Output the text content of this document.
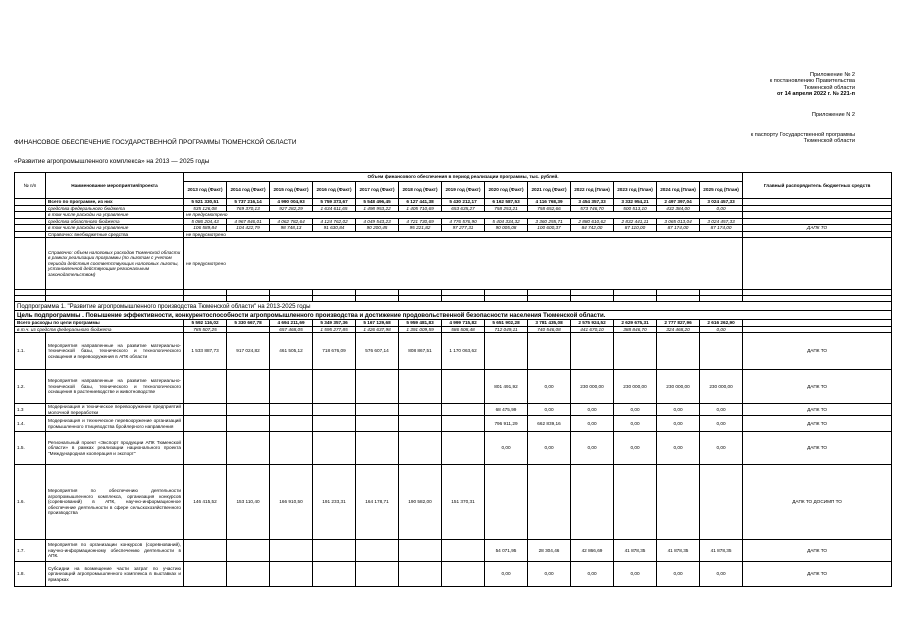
Приложение № 2
к постановлению Правительства
Тюменской области
от 14 апреля 2022 г. № 221-п
Приложение N 2
к паспорту Государственной программы
Тюменской области
ФИНАНСОВОЕ ОБЕСПЕЧЕНИЕ ГОСУДАРСТВЕННОЙ ПРОГРАММЫ ТЮМЕНСКОЙ ОБЛАСТИ
«Развитие агропромышленного комплекса» на 2013 — 2025 годы
№ п/п	Наименование мероприятия/проекта	Объем финансового обеспечения в период реализации программы, тыс. рублей.													Главный распорядитель бюджетных средств
		2013 год (Факт)	2014 год (Факт)	2015 год (Факт)	2016 год (Факт)	2017 год (Факт)	2018 год (Факт)	2019 год (Факт)	2020 год (Факт)	2021 год (Факт)	2022 год (План)	2023 год (План)	2024 год (План)	2025 год (План)	
	Всего по программе, из них	5 521 330,51	5 737 216,14	4 990 004,93	5 759 373,67	5 548 496,45	6 127 441,38	5 430 212,17	6 162 587,53	4 116 768,39	3 454 357,33	3 332 954,21	2 497 397,04	3 024 457,33	
	средства федерального бюджета	535 126,08	769 370,13	927 282,29	1 634 611,65	1 498 953,22	1 405 710,69	653 635,27	758 253,21	758 652,66	573 746,70	500 513,10	432 384,00	0,00	
	в том числе расходы на управление	не предусмотрено													
	средства областного бюджета	5 086 204,43	4 967 846,01	4 062 782,64	4 124 762,02	4 049 543,23	4 721 730,69	4 776 576,90	5 404 334,32	3 360 255,71	2 880 610,62	2 832 441,11	3 065 013,04	3 024 457,33	
	в том числе расходы на управление	106 589,84	104 422,79	98 748,13	91 630,84	90 200,45	95 221,82	97 277,31	90 005,08	100 600,37	84 742,00	87 110,00	87 174,00	87 174,00	ДАПК ТО
	Справочно: внебюджетные средства	не предусмотрено													
	Справочно: объем налоговых расходов Тюменской области в рамках реализации программы (по льготам с учетом периода действия соответствующих налоговых льготы, установленной действующим региональным законодательством)	не предусмотрено													

Подпрограмма 1. "Развитие агропромышленного производства Тюменской области" на 2013-2025 годы															
Цель подпрограммы . Повышение эффективности, конкурентоспособности агропромышленного производства и достижение продовольственной безопасности населения Тюменской области.															
Всего расходы по цели программы		5 592 116,02	5 330 667,78	4 694 211,69	5 349 357,36	5 167 129,68	5 959 481,83	4 999 715,82	5 651 902,28	3 781 435,08	2 575 924,52	2 629 675,31	2 777 827,96	2 616 262,90	
в т.ч. из средств федерального бюджета		785 507,25		657 468,05	1 595 277,85	1 426 637,98	1 391 009,59	586 508,48	712 049,11	740 546,08	441 670,10	388 846,70	324 468,20	0,00	
1.1.	Мероприятия направленные на развитие материально-технической базы, технического и технологического оснащения и перевооружения в АПК области	1 533 887,73	917 024,82	461 505,12	718 676,09	576 607,14	808 867,51	1 170 063,62							ДАПК ТО
1.2.	Мероприятия направленные на развитие материально-технической базы, технического и технологического оснащения в растениеводстве и животноводстве								801 491,92	0,00	230 000,00	230 000,00	230 000,00	230 000,00	ДАПК ТО
1.3	Модернизация и техническое перевооружение предприятий молочной переработки								68 475,99	0,00	0,00	0,00	0,00	0,00	ДАПК ТО
1.4.	Модернизация и техническое перевооружение организаций промышленного птицеводства бройлерного направления								796 911,29	662 839,16	0,00	0,00	0,00	0,00	ДАПК ТО
1.5.	Региональный проект «Экспорт продукции АПК Тюменской области» в рамках реализации национального проекта "Международная кооперация и экспорт"								0,00	0,00	0,00	0,00	0,00	0,00	ДАПК ТО
1.6.	Мероприятия по обеспечению деятельности агропромышленного комплекса, организация конкурсов (соревнований) в АПК, научно-информационное обеспечение деятельности в сфере сельскохозяйственного производства	146 415,52	153 110,40	166 910,50	191 233,31	164 178,71	190 582,00	151 370,31							ДАПК ТО ДОСИМП ТО
1.7.	Мероприятия по организации конкурсов (соревнований), научно-информационному обеспечению деятельности в АПК.								54 071,95	28 304,46	42 866,69	41 878,35	41 878,35	41 878,35	ДАПК ТО
1.8.	Субсидии на возмещение части затрат по участию организаций агропромышленного комплекса в выставках и ярмарках								0,00	0,00	0,00	0,00	0,00	0,00	ДАПК ТО
